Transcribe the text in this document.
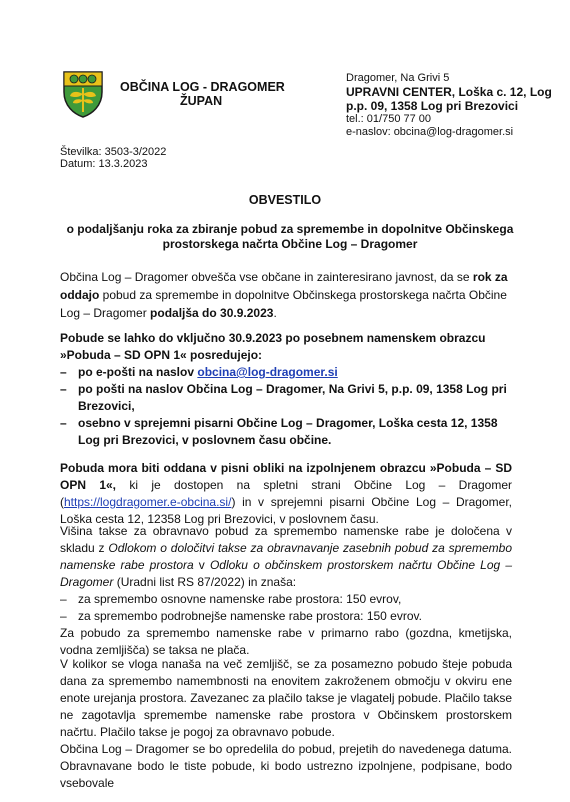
OBČINA LOG - DRAGOMER
ŽUPAN
Dragomer, Na Grivi 5
UPRAVNI CENTER, Loška c. 12, Log
p.p. 09, 1358 Log pri Brezovici
tel.: 01/750 77 00
e-naslov: obcina@log-dragomer.si
Številka: 3503-3/2022
Datum: 13.3.2023
OBVESTILO
o podaljšanju roka za zbiranje pobud za spremembe in dopolnitve Občinskega
prostorskega načrta Občine Log – Dragomer
Občina Log – Dragomer obvešča vse občane in zainteresirano javnost, da se rok za oddajo pobud za spremembe in dopolnitve Občinskega prostorskega načrta Občine Log – Dragomer podaljša do 30.9.2023.
Pobude se lahko do vključno 30.9.2023 po posebnem namenskem obrazcu »Pobuda – SD OPN 1« posredujejo:
– po e-pošti na naslov obcina@log-dragomer.si
– po pošti na naslov Občina Log – Dragomer, Na Grivi 5, p.p. 09, 1358 Log pri Brezovici,
– osebno v sprejemni pisarni Občine Log – Dragomer, Loška cesta 12, 1358 Log pri Brezovici, v poslovnem času občine.
Pobuda mora biti oddana v pisni obliki na izpolnjenem obrazcu »Pobuda – SD OPN 1«, ki je dostopen na spletni strani Občine Log – Dragomer (https://logdragomer.e-obcina.si/) in v sprejemni pisarni Občine Log – Dragomer, Loška cesta 12, 12358 Log pri Brezovici, v poslovnem času.
Višina takse za obravnavo pobud za spremembo namenske rabe je določena v skladu z Odlokom o določitvi takse za obravnavanje zasebnih pobud za spremembo namenske rabe prostora v Odloku o občinskem prostorskem načrtu Občine Log – Dragomer (Uradni list RS 87/2022) in znaša:
– za spremembo osnovne namenske rabe prostora: 150 evrov,
– za spremembo podrobnejše namenske rabe prostora: 150 evrov.
Za pobudo za spremembo namenske rabe v primarno rabo (gozdna, kmetijska, vodna zemljišča) se taksa ne plača.
V kolikor se vloga nanaša na več zemljišč, se za posamezno pobudo šteje pobuda dana za spremembo namembnosti na enovitem zakroženem območju v okviru ene enote urejanja prostora. Zavezanec za plačilo takse je vlagatelj pobude. Plačilo takse ne zagotavlja spremembe namenske rabe prostora v Občinskem prostorskem načrtu. Plačilo takse je pogoj za obravnavo pobude.
Občina Log – Dragomer se bo opredelila do pobud, prejetih do navedenega datuma. Obravnavane bodo le tiste pobude, ki bodo ustrezno izpolnjene, podpisane, bodo vsebovale
